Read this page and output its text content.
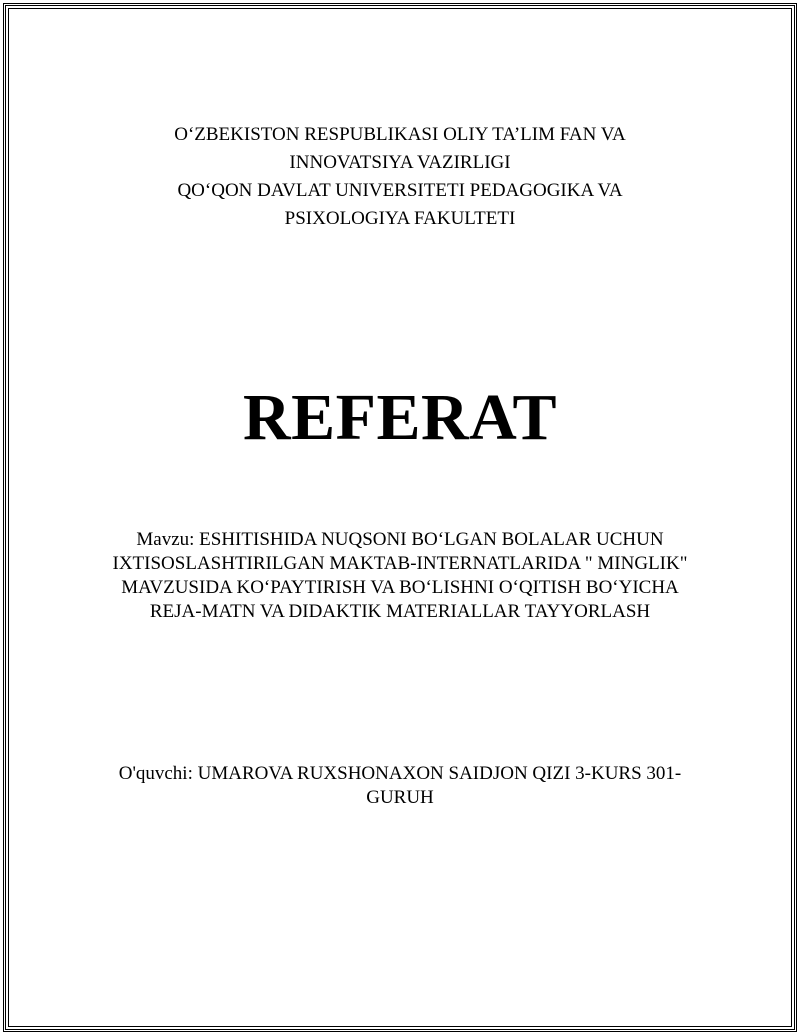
O‘ZBEKISTON RESPUBLIKASI OLIY TA’LIM FAN VA

INNOVATSIYA VAZIRLIGI

QO‘QON DAVLAT UNIVERSITETI PEDAGOGIKA VA

PSIXOLOGIYA FAKULTETI

REFERAT

Mavzu: ESHITISHIDA NUQSONI BO‘LGAN BOLALAR UCHUN

IXTISOSLASHTIRILGAN MAKTAB-INTERNATLARIDA " MINGLIK"

MAVZUSIDA KO‘PAYTIRISH VA BO‘LISHNI O‘QITISH BO‘YICHA

REJA-MATN VA DIDAKTIK MATERIALLAR TAYYORLASH

O'quvchi: UMAROVA RUXSHONAXON SAIDJON QIZI 3-KURS 301-

GURUH
